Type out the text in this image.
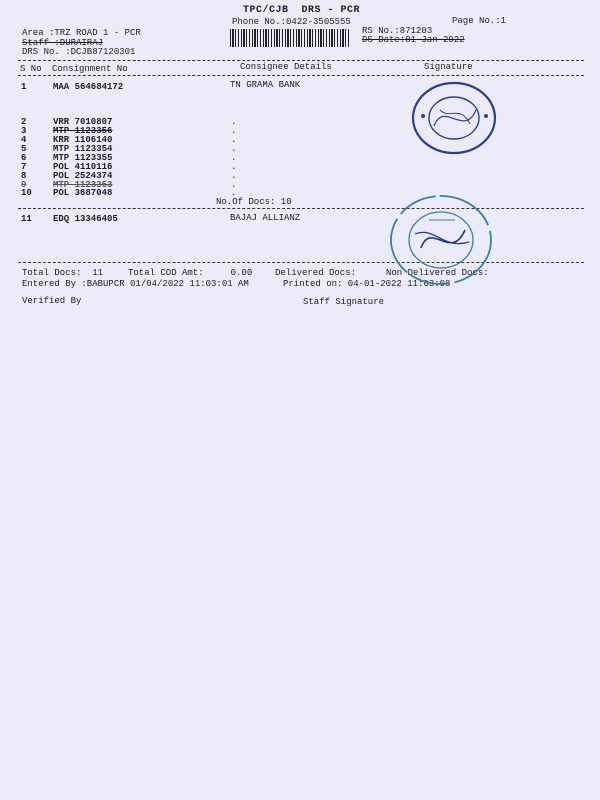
TPC/CJB  DRS - PCR
Phone No.:0422-3505555	Page No.:1
Area :TRZ ROAD 1 - PCR
Staff :DURAIRAJ
DRS No. :DCJB87120301
RS No.:871203
DS Date:01-Jan-2022
S No Consignment No	Consignee Details	Signature
1	MAA 564684172	TN GRAMA BANK
2	VRR 7010807	.
3	MTP 1123356	.
4	KRR 1106140	.
5	MTP 1123354	.
6	MTP 1123355	.
7	POL 4110116	.
8	POL 2524374	.
9	MTP 1123353	.
10 POL 3687048	.
No.Of Docs: 10
11 EDQ 13346405	BAJAJ ALLIANZ
Total Docs:  11	Total COD Amt:     0.00	Delivered Docs:	Non Delivered Docs:
Entered By :BABUPCR 01/04/2022 11:03:01 AM	Printed on: 04-01-2022 11:03:08
Verified By	Staff Signature
